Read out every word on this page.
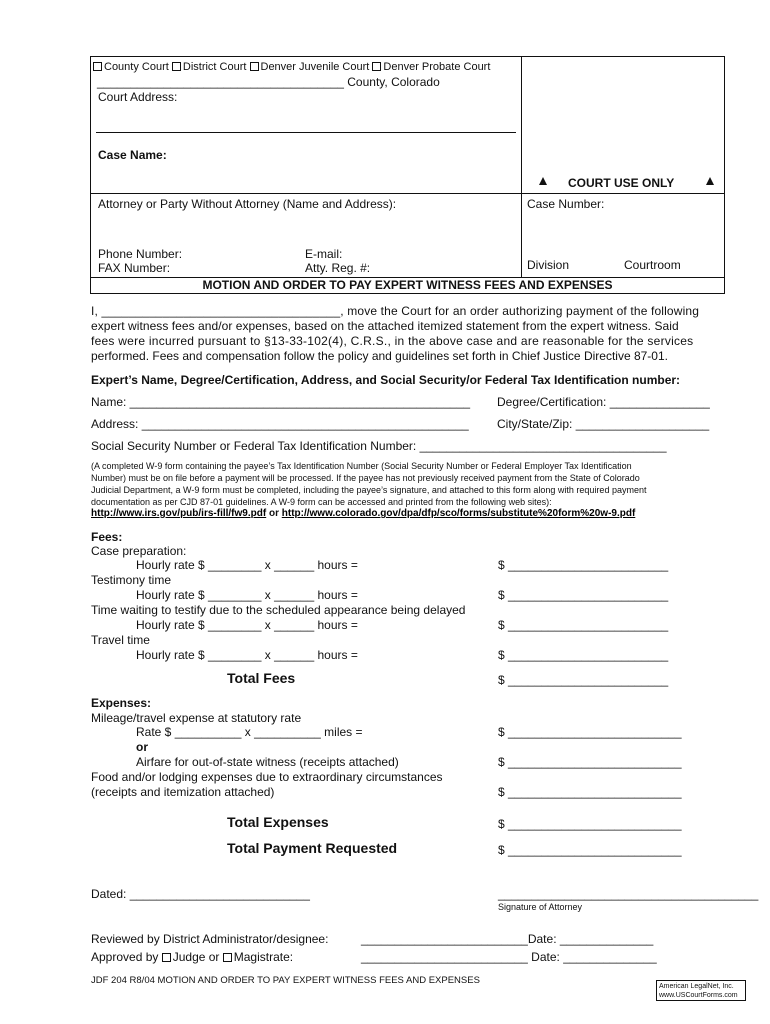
County Court District Court Denver Juvenile Court Denver Probate Court
_____________________________________ County, Colorado
Court Address:
Case Name:
COURT USE ONLY
Attorney or Party Without Attorney (Name and Address):	Case Number:
Phone Number:
FAX Number:
E-mail:
Atty. Reg. #:	Division	Courtroom
MOTION AND ORDER TO PAY EXPERT WITNESS FEES AND EXPENSES
I, ___________________________________, move the Court for an order authorizing payment of the following
expert witness fees and/or expenses, based on the attached itemized statement from the expert witness. Said
fees were incurred pursuant to §13-33-102(4), C.R.S., in the above case and are reasonable for the services
performed. Fees and compensation follow the policy and guidelines set forth in Chief Justice Directive 87-01.
Expert’s Name, Degree/Certification, Address, and Social Security/or Federal Tax Identification number:
Name: ___________________________________________________ Degree/Certification: _______________
Address: _________________________________________________ City/State/Zip: ____________________
Social Security Number or Federal Tax Identification Number: _____________________________________
(A completed W-9 form containing the payee’s Tax Identification Number (Social Security Number or Federal Employer Tax Identification
Number) must be on file before a payment will be processed. If the payee has not previously received payment from the State of Colorado
Judicial Department, a W-9 form must be completed, including the payee’s signature, and attached to this form along with required payment
documentation as per CJD 87-01 guidelines. A W-9 form can be accessed and printed from the following web sites):
http://www.irs.gov/pub/irs-fill/fw9.pdf or http://www.colorado.gov/dpa/dfp/sco/forms/substitute%20form%20w-9.pdf
Fees:
Case preparation:
Hourly rate $ ________ x ______ hours =	$ ________________________
Testimony time
Hourly rate $ ________ x ______ hours =	$ ________________________
Time waiting to testify due to the scheduled appearance being delayed
Hourly rate $ ________ x ______ hours =	$ ________________________
Travel time
Hourly rate $ ________ x ______ hours =	$ ________________________
Total Fees	$ ________________________
Expenses:
Mileage/travel expense at statutory rate
Rate $ __________ x __________ miles =	$ __________________________
or
Airfare for out-of-state witness (receipts attached)	$ __________________________
Food and/or lodging expenses due to extraordinary circumstances
(receipts and itemization attached)	$ __________________________
Total Expenses	$ __________________________
Total Payment Requested	$ __________________________
Dated: ___________________________	_______________________________________
Signature of Attorney
Reviewed by District Administrator/designee:	_________________________Date: ______________
Approved by Judge or Magistrate:	_________________________ Date: ______________
JDF 204 R8/04 MOTION AND ORDER TO PAY EXPERT WITNESS FEES AND EXPENSES
American LegalNet, Inc.
www.USCourtForms.com
